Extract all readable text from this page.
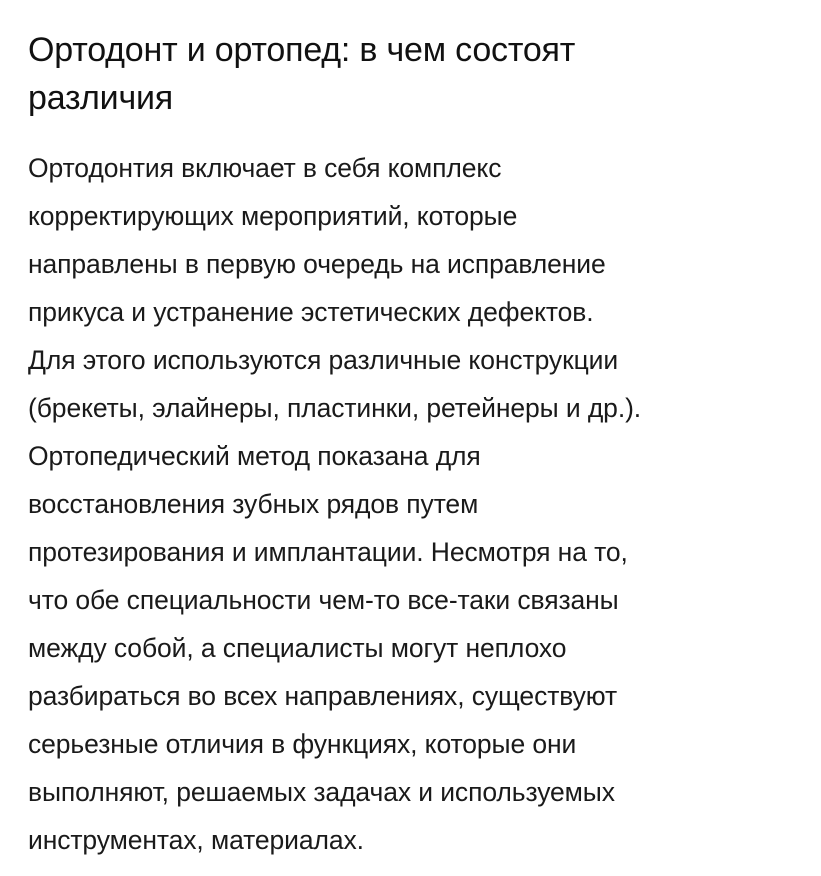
Ортодонт и ортопед: в чем состоят
различия

Ортодонтия включает в себя комплекс
корректирующих мероприятий, которые
направлены в первую очередь на исправление
прикуса и устранение эстетических дефектов.
Для этого используются различные конструкции
(брекеты, элайнеры, пластинки, ретейнеры и др.).
Ортопедический метод показана для
восстановления зубных рядов путем
протезирования и имплантации. Несмотря на то,
что обе специальности чем-то все-таки связаны
между собой, а специалисты могут неплохо
разбираться во всех направлениях, существуют
серьезные отличия в функциях, которые они
выполняют, решаемых задачах и используемых
инструментах, материалах.
